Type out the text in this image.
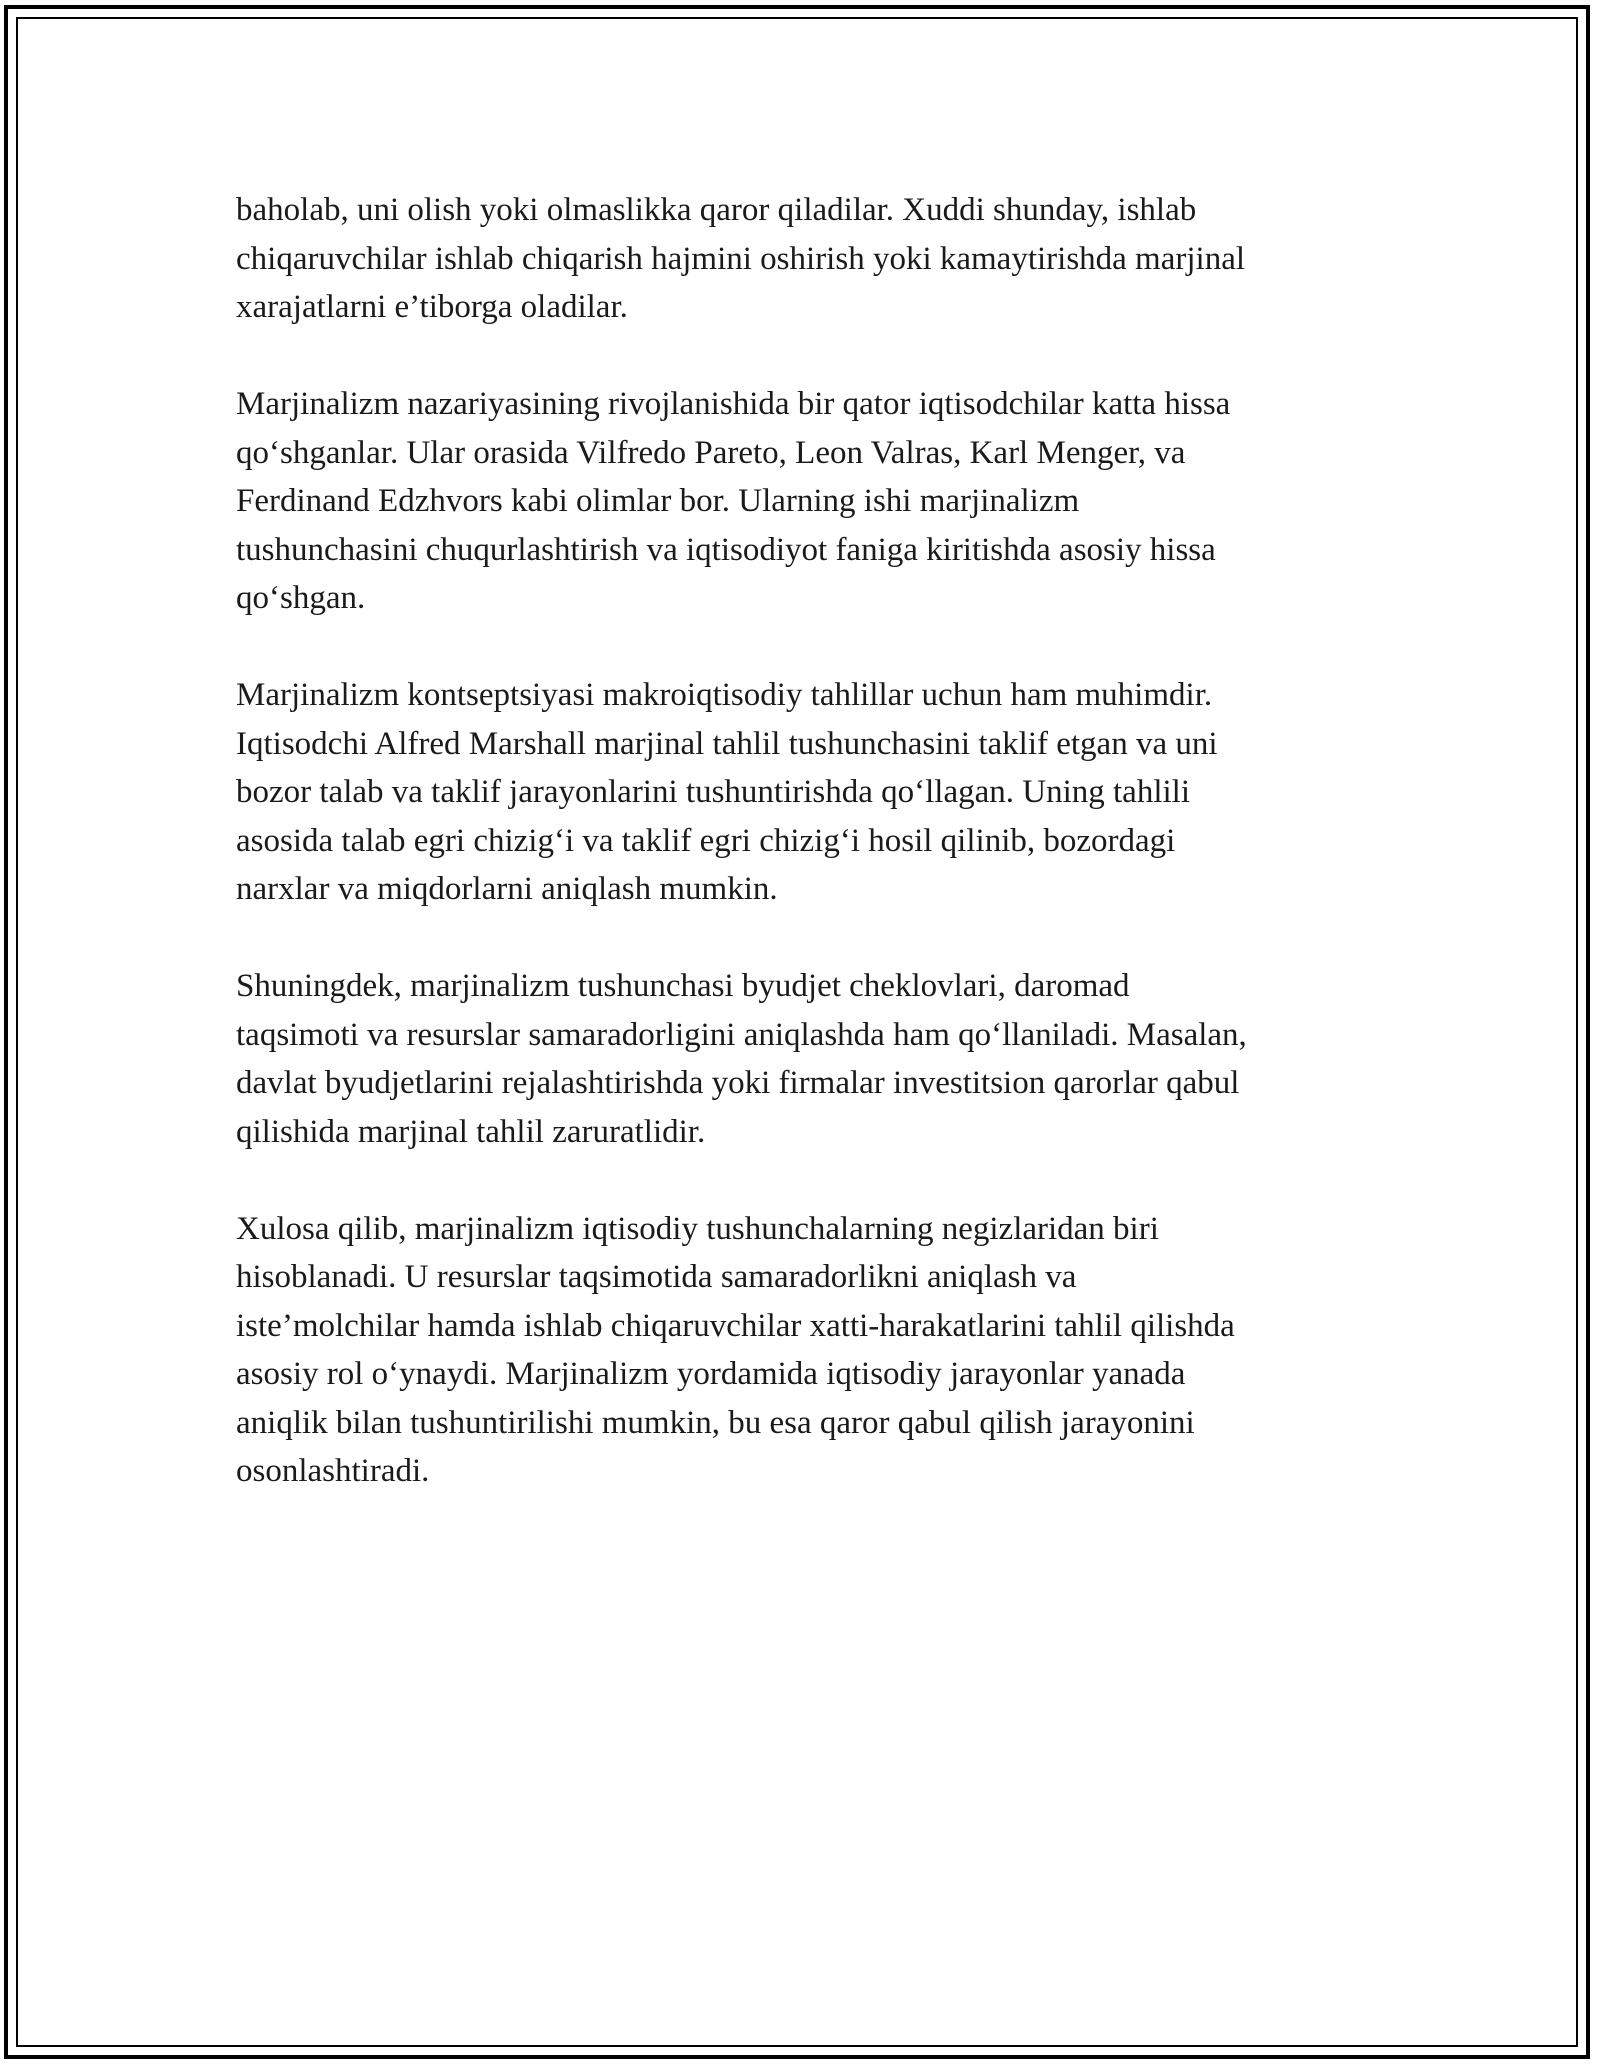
baholab, uni olish yoki olmaslikka qaror qiladilar. Xuddi shunday, ishlab
chiqaruvchilar ishlab chiqarish hajmini oshirish yoki kamaytirishda marjinal
xarajatlarni e’tiborga oladilar.

Marjinalizm nazariyasining rivojlanishida bir qator iqtisodchilar katta hissa
qo‘shganlar. Ular orasida Vilfredo Pareto, Leon Valras, Karl Menger, va
Ferdinand Edzhvors kabi olimlar bor. Ularning ishi marjinalizm
tushunchasini chuqurlashtirish va iqtisodiyot faniga kiritishda asosiy hissa
qo‘shgan.

Marjinalizm kontseptsiyasi makroiqtisodiy tahlillar uchun ham muhimdir.
Iqtisodchi Alfred Marshall marjinal tahlil tushunchasini taklif etgan va uni
bozor talab va taklif jarayonlarini tushuntirishda qo‘llagan. Uning tahlili
asosida talab egri chizig‘i va taklif egri chizig‘i hosil qilinib, bozordagi
narxlar va miqdorlarni aniqlash mumkin.

Shuningdek, marjinalizm tushunchasi byudjet cheklovlari, daromad
taqsimoti va resurslar samaradorligini aniqlashda ham qo‘llaniladi. Masalan,
davlat byudjetlarini rejalashtirishda yoki firmalar investitsion qarorlar qabul
qilishida marjinal tahlil zaruratlidir.

Xulosa qilib, marjinalizm iqtisodiy tushunchalarning negizlaridan biri
hisoblanadi. U resurslar taqsimotida samaradorlikni aniqlash va
iste’molchilar hamda ishlab chiqaruvchilar xatti-harakatlarini tahlil qilishda
asosiy rol o‘ynaydi. Marjinalizm yordamida iqtisodiy jarayonlar yanada
aniqlik bilan tushuntirilishi mumkin, bu esa qaror qabul qilish jarayonini
osonlashtiradi.
